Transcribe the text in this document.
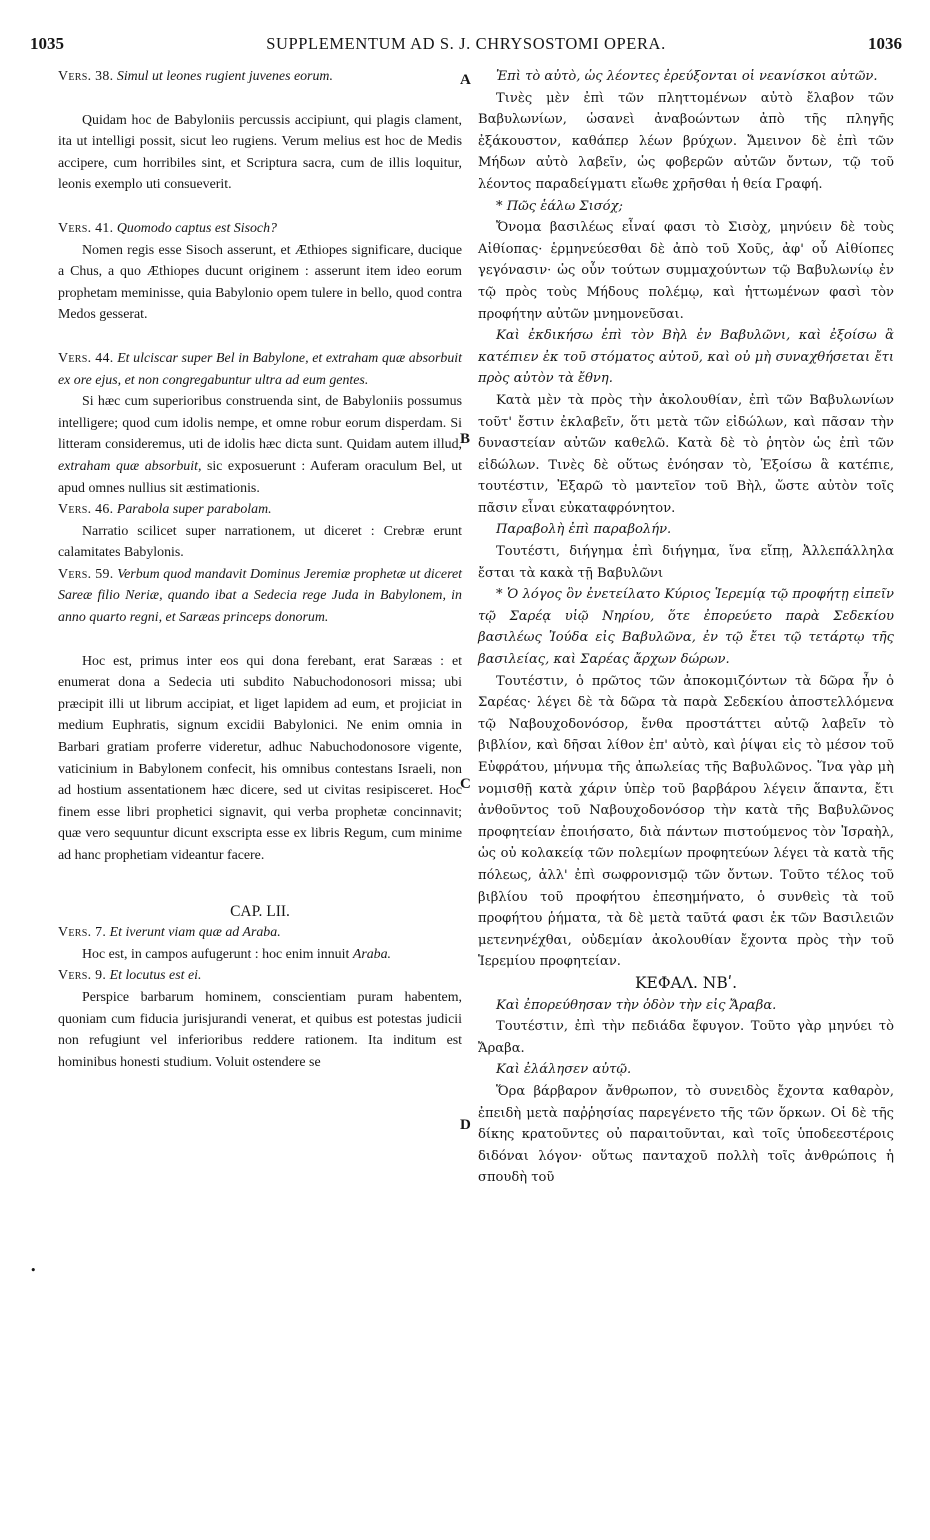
1035	SUPPLEMENTUM AD S. J. CHRYSOSTOMI OPERA.	1036
A
B
C
D
•

Vers. 38. Simul ut leones rugient juvenes eorum.

Quidam hoc de Babyloniis percussis accipiunt, qui plagis clament, ita ut intelligi possit, sicut leo rugiens. Verum melius est hoc de Medis accipere, cum horribiles sint, et Scriptura sacra, cum de illis loquitur, leonis exemplo uti consueverit.

Vers. 41. Quomodo captus est Sisoch?

Nomen regis esse Sisoch asserunt, et Æthiopes significare, ducique a Chus, a quo Æthiopes ducunt originem : asserunt item ideo eorum prophetam meminisse, quia Babylonio opem tulere in bello, quod contra Medos gesserat.

Vers. 44. Et ulciscar super Bel in Babylone, et extraham quæ absorbuit ex ore ejus, et non congregabuntur ultra ad eum gentes.

Si hæc cum superioribus construenda sint, de Babyloniis possumus intelligere; quod cum idolis nempe, et omne robur eorum disperdam. Si litteram consideremus, uti de idolis hæc dicta sunt. Quidam autem illud, extraham quæ absorbuit, sic exposuerunt : Auferam oraculum Bel, ut apud omnes nullius sit æstimationis.

Vers. 46. Parabola super parabolam.

Narratio scilicet super narrationem, ut diceret : Crebræ erunt calamitates Babylonis.

Vers. 59. Verbum quod mandavit Dominus Jeremiæ prophetæ ut diceret Sareæ filio Neriæ, quando ibat a Sedecia rege Juda in Babylonem, in anno quarto regni, et Saræas princeps donorum.

Hoc est, primus inter eos qui dona ferebant, erat Saræas : et enumerat dona a Sedecia uti subdito Nabuchodonosori missa; ubi præcipit illi ut librum accipiat, et liget lapidem ad eum, et projiciat in medium Euphratis, signum excidii Babylonici. Ne enim omnia in Barbari gratiam proferre videretur, adhuc Nabuchodonosore vigente, vaticinium in Babylonem confecit, his omnibus contestans Israeli, non ad hostium assentationem hæc dicere, sed ut civitas resipisceret. Hoc finem esse libri prophetici signavit, qui verba prophetæ concinnavit; quæ vero sequuntur dicunt exscripta esse ex libris Regum, cum minime ad hanc prophetiam videantur facere.

CAP. LII.

Vers. 7. Et iverunt viam quæ ad Araba.

Hoc est, in campos aufugerunt : hoc enim innuit Araba.

Vers. 9. Et locutus est ei.

Perspice barbarum hominem, conscientiam puram habentem, quoniam cum fiducia jurisjurandi venerat, et quibus est potestas judicii non refugiunt vel inferioribus reddere rationem. Ita inditum est hominibus honesti studium. Voluit ostendere se

Ἐπὶ τὸ αὐτὸ, ὡς λέοντες ἐρεύξονται οἱ νεανίσκοι αὐτῶν.

Τινὲς μὲν ἐπὶ τῶν πληττομένων αὐτὸ ἔλαβον τῶν Βαβυλωνίων, ὡσανεὶ ἀναβοώντων ἀπὸ τῆς πληγῆς ἐξάκουστον, καθάπερ λέων βρύχων. Ἄμεινον δὲ ἐπὶ τῶν Μήδων αὐτὸ λαβεῖν, ὡς φοβερῶν αὐτῶν ὄντων, τῷ τοῦ λέοντος παραδείγματι εἴωθε χρῆσθαι ἡ θεία Γραφή.

* Πῶς ἑάλω Σισόχ;

Ὄνομα βασιλέως εἶναί φασι τὸ Σισὸχ, μηνύειν δὲ τοὺς Αἰθίοπας· ἑρμηνεύεσθαι δὲ ἀπὸ τοῦ Χοῦς, ἀφ' οὗ Αἰθίοπες γεγόνασιν· ὡς οὖν τούτων συμμαχούντων τῷ Βαβυλωνίῳ ἐν τῷ πρὸς τοὺς Μήδους πολέμῳ, καὶ ἡττωμένων φασὶ τὸν προφήτην αὐτῶν μνημονεῦσαι.

Καὶ ἐκδικήσω ἐπὶ τὸν Βὴλ ἐν Βαβυλῶνι, καὶ ἐξοίσω ἃ κατέπιεν ἐκ τοῦ στόματος αὐτοῦ, καὶ οὐ μὴ συναχθήσεται ἔτι πρὸς αὐτὸν τὰ ἔθνη.

Κατὰ μὲν τὰ πρὸς τὴν ἀκολουθίαν, ἐπὶ τῶν Βαβυλωνίων τοῦτ' ἔστιν ἐκλαβεῖν, ὅτι μετὰ τῶν εἰδώλων, καὶ πᾶσαν τὴν δυναστείαν αὐτῶν καθελῶ. Κατὰ δὲ τὸ ῥητὸν ὡς ἐπὶ τῶν εἰδώλων. Τινὲς δὲ οὕτως ἐνόησαν τὸ, Ἐξοίσω ἃ κατέπιε, τουτέστιν, Ἐξαρῶ τὸ μαντεῖον τοῦ Βὴλ, ὥστε αὐτὸν τοῖς πᾶσιν εἶναι εὐκαταφρόνητον.

Παραβολὴ ἐπὶ παραβολήν.

Τουτέστι, διήγημα ἐπὶ διήγημα, ἵνα εἴπῃ, Ἀλλεπάλληλα ἔσται τὰ κακὰ τῇ Βαβυλῶνι

* Ὁ λόγος ὃν ἐνετείλατο Κύριος Ἱερεμίᾳ τῷ προφήτῃ εἰπεῖν τῷ Σαρέᾳ υἱῷ Νηρίου, ὅτε ἐπορεύετο παρὰ Σεδεκίου βασιλέως Ἰούδα εἰς Βαβυλῶνα, ἐν τῷ ἔτει τῷ τετάρτῳ τῆς βασιλείας, καὶ Σαρέας ἄρχων δώρων.

Τουτέστιν, ὁ πρῶτος τῶν ἀποκομιζόντων τὰ δῶρα ἦν ὁ Σαρέας· λέγει δὲ τὰ δῶρα τὰ παρὰ Σεδεκίου ἀποστελλόμενα τῷ Ναβουχοδονόσορ, ἔνθα προστάττει αὐτῷ λαβεῖν τὸ βιβλίον, καὶ δῆσαι λίθον ἐπ' αὐτὸ, καὶ ῥίψαι εἰς τὸ μέσον τοῦ Εὐφράτου, μήνυμα τῆς ἀπωλείας τῆς Βαβυλῶνος. Ἵνα γὰρ μὴ νομισθῇ κατὰ χάριν ὑπὲρ τοῦ βαρβάρου λέγειν ἅπαντα, ἔτι ἀνθοῦντος τοῦ Ναβουχοδονόσορ τὴν κατὰ τῆς Βαβυλῶνος προφητείαν ἐποιήσατο, διὰ πάντων πιστούμενος τὸν Ἰσραὴλ, ὡς οὐ κολακείᾳ τῶν πολεμίων προφητεύων λέγει τὰ κατὰ τῆς πόλεως, ἀλλ' ἐπὶ σωφρονισμῷ τῶν ὄντων. Τοῦτο τέλος τοῦ βιβλίου τοῦ προφήτου ἐπεσημήνατο, ὁ συνθεὶς τὰ τοῦ προφήτου ῥήματα, τὰ δὲ μετὰ ταῦτά φασι ἐκ τῶν Βασιλειῶν μετενηνέχθαι, οὐδεμίαν ἀκολουθίαν ἔχοντα πρὸς τὴν τοῦ Ἱερεμίου προφητείαν.

ΚΕΦΑΛ. ΝΒʹ.

Καὶ ἐπορεύθησαν τὴν ὁδὸν τὴν εἰς Ἄραβα.

Τουτέστιν, ἐπὶ τὴν πεδιάδα ἔφυγον. Τοῦτο γὰρ μηνύει τὸ Ἄραβα.

Καὶ ἐλάλησεν αὐτῷ.

Ὅρα βάρβαρον ἄνθρωπον, τὸ συνειδὸς ἔχοντα καθαρὸν, ἐπειδὴ μετὰ παῤῥησίας παρεγένετο τῆς τῶν ὅρκων. Οἱ δὲ τῆς δίκης κρατοῦντες οὐ παραιτοῦνται, καὶ τοῖς ὑποδεεστέροις διδόναι λόγον· οὕτως πανταχοῦ πολλὴ τοῖς ἀνθρώποις ἡ σπουδὴ τοῦ
